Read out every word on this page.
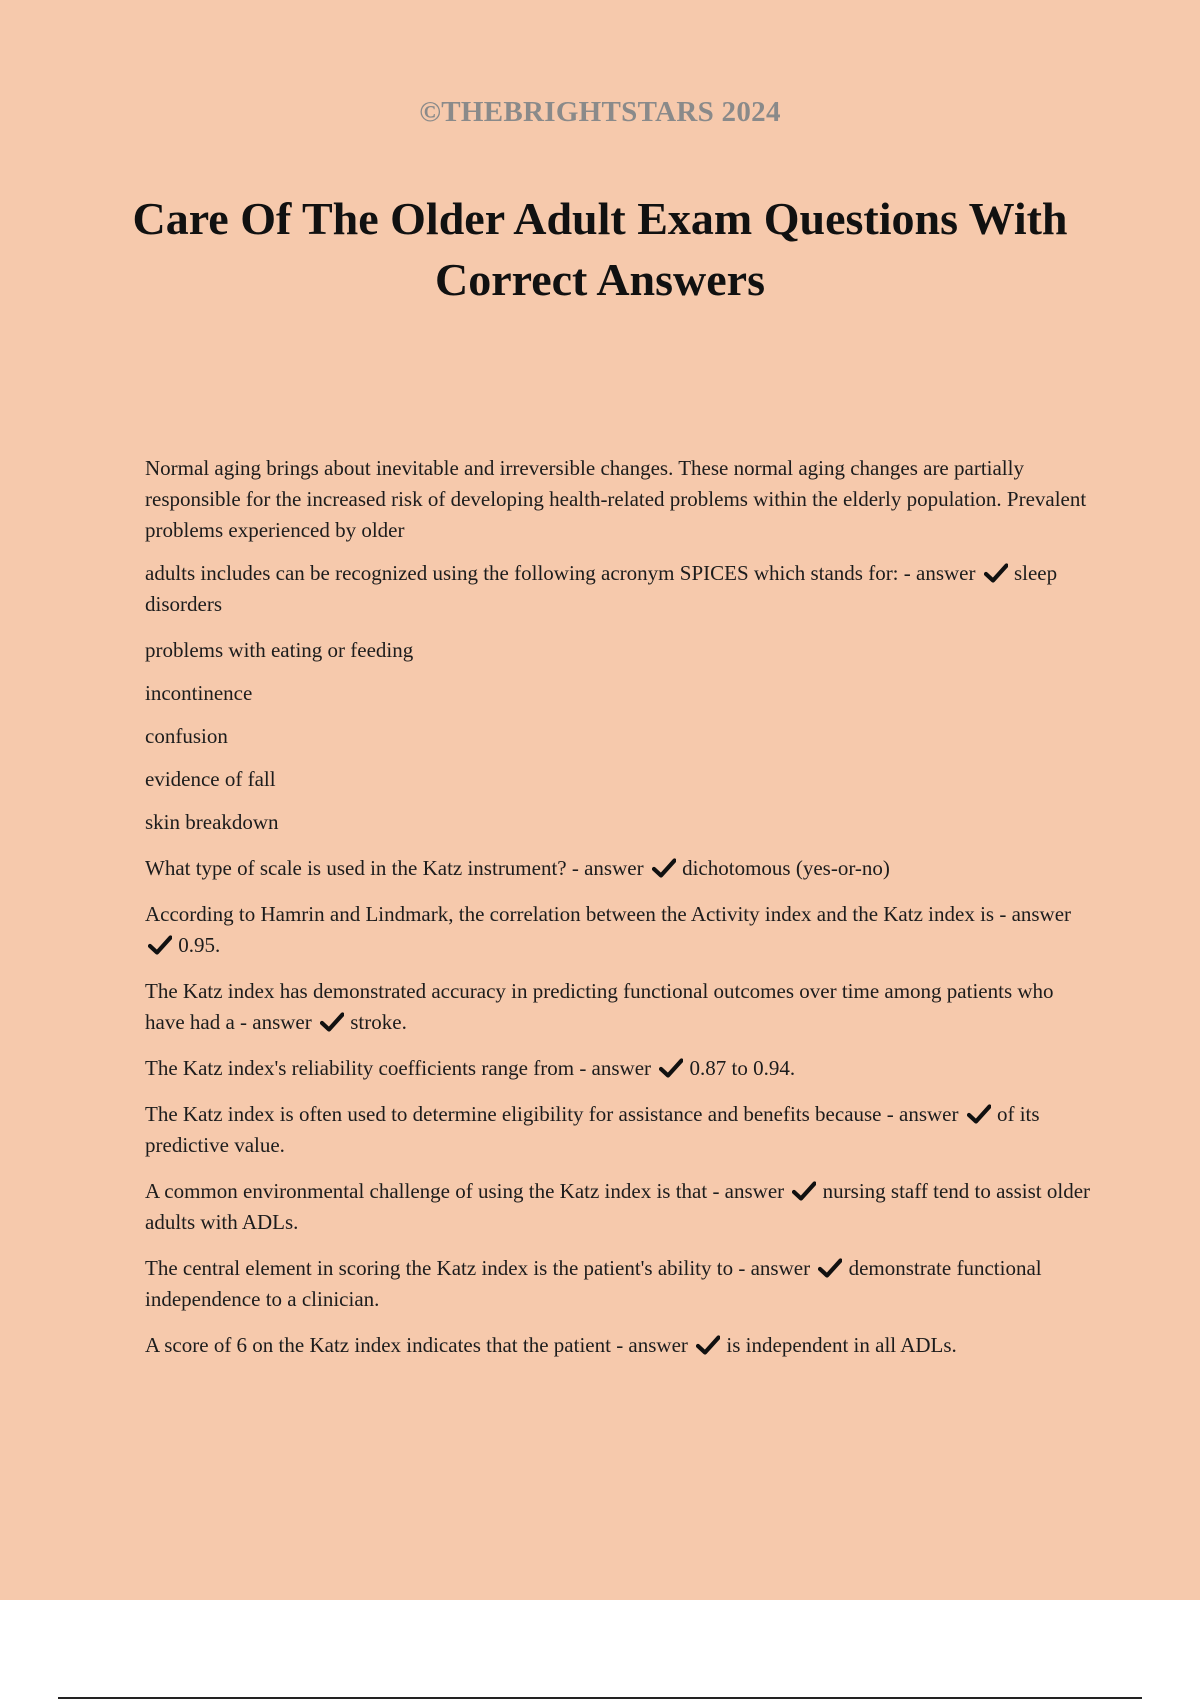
©THEBRIGHTSTARS 2024
Care Of The Older Adult Exam Questions With Correct Answers

Normal aging brings about inevitable and irreversible changes. These normal aging changes are partially responsible for the increased risk of developing health-related problems within the elderly population. Prevalent problems experienced by older

adults includes can be recognized using the following acronym SPICES which stands for: - answer
sleep disorders

problems with eating or feeding

incontinence

confusion

evidence of fall

skin breakdown

What type of scale is used in the Katz instrument? - answer
dichotomous (yes-or-no)

According to Hamrin and Lindmark, the correlation between the Activity index and the Katz index is - answer
0.95.

The Katz index has demonstrated accuracy in predicting functional outcomes over time among patients who have had a - answer
stroke.

The Katz index's reliability coefficients range from - answer
0.87 to 0.94.

The Katz index is often used to determine eligibility for assistance and benefits because - answer
of its predictive value.

A common environmental challenge of using the Katz index is that - answer
nursing staff tend to assist older adults with ADLs.

The central element in scoring the Katz index is the patient's ability to - answer
demonstrate functional independence to a clinician.

A score of 6 on the Katz index indicates that the patient - answer
is independent in all ADLs.
